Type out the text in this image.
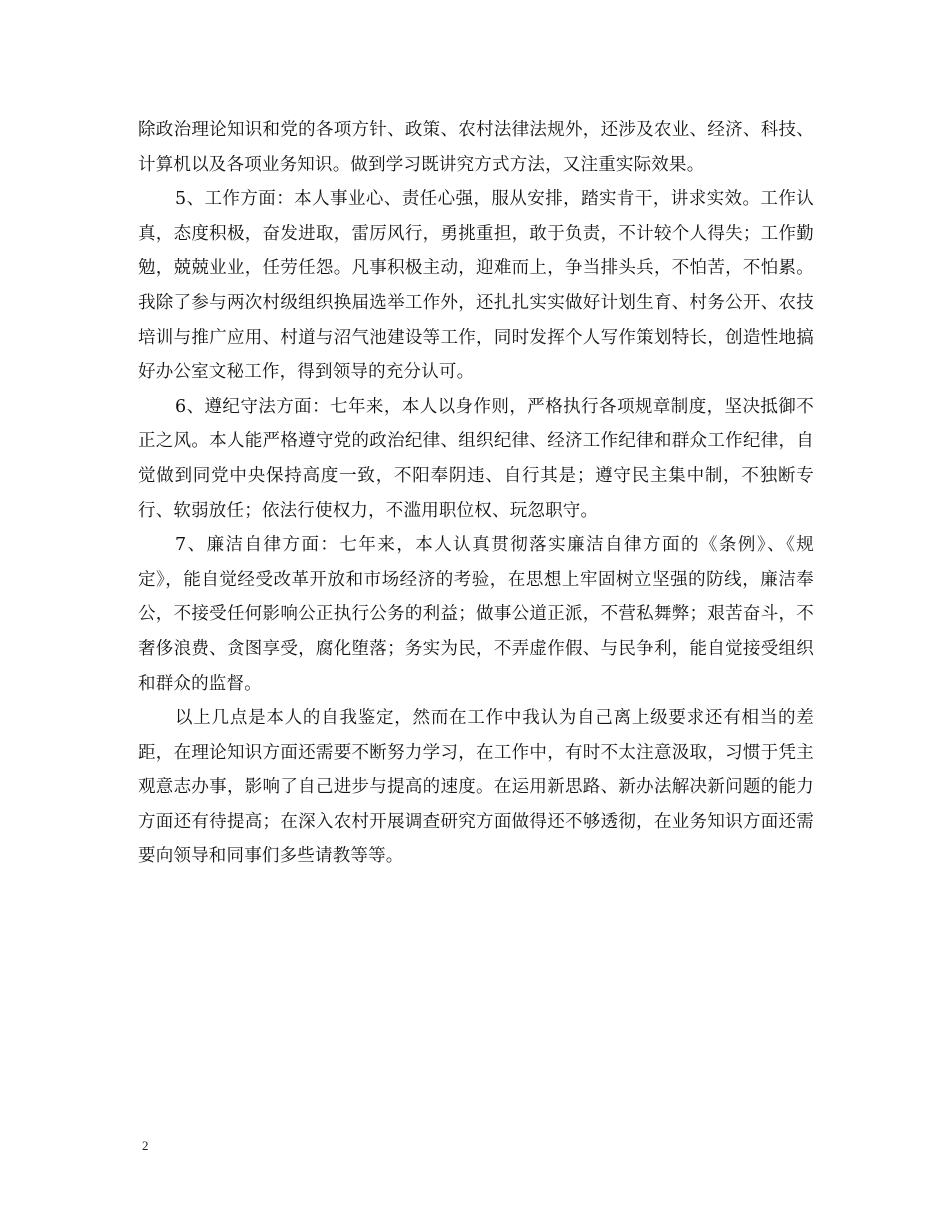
除政治理论知识和党的各项方针、政策、农村法律法规外，还涉及农业、经济、科技、计算机以及各项业务知识。做到学习既讲究方式方法，又注重实际效果。

5、工作方面：本人事业心、责任心强，服从安排，踏实肯干，讲求实效。工作认真，态度积极，奋发进取，雷厉风行，勇挑重担，敢于负责，不计较个人得失；工作勤勉，兢兢业业，任劳任怨。凡事积极主动，迎难而上，争当排头兵，不怕苦，不怕累。我除了参与两次村级组织换届选举工作外，还扎扎实实做好计划生育、村务公开、农技培训与推广应用、村道与沼气池建设等工作，同时发挥个人写作策划特长，创造性地搞好办公室文秘工作，得到领导的充分认可。

6、遵纪守法方面：七年来，本人以身作则，严格执行各项规章制度，坚决抵御不正之风。本人能严格遵守党的政治纪律、组织纪律、经济工作纪律和群众工作纪律，自觉做到同党中央保持高度一致，不阳奉阴违、自行其是；遵守民主集中制，不独断专行、软弱放任；依法行使权力，不滥用职位权、玩忽职守。

7、廉洁自律方面：七年来，本人认真贯彻落实廉洁自律方面的《条例》、《规定》，能自觉经受改革开放和市场经济的考验，在思想上牢固树立坚强的防线，廉洁奉公，不接受任何影响公正执行公务的利益；做事公道正派，不营私舞弊；艰苦奋斗，不奢侈浪费、贪图享受，腐化堕落；务实为民，不弄虚作假、与民争利，能自觉接受组织和群众的监督。

以上几点是本人的自我鉴定，然而在工作中我认为自己离上级要求还有相当的差距，在理论知识方面还需要不断努力学习，在工作中，有时不太注意汲取，习惯于凭主观意志办事，影响了自己进步与提高的速度。在运用新思路、新办法解决新问题的能力方面还有待提高；在深入农村开展调查研究方面做得还不够透彻，在业务知识方面还需要向领导和同事们多些请教等等。

2
